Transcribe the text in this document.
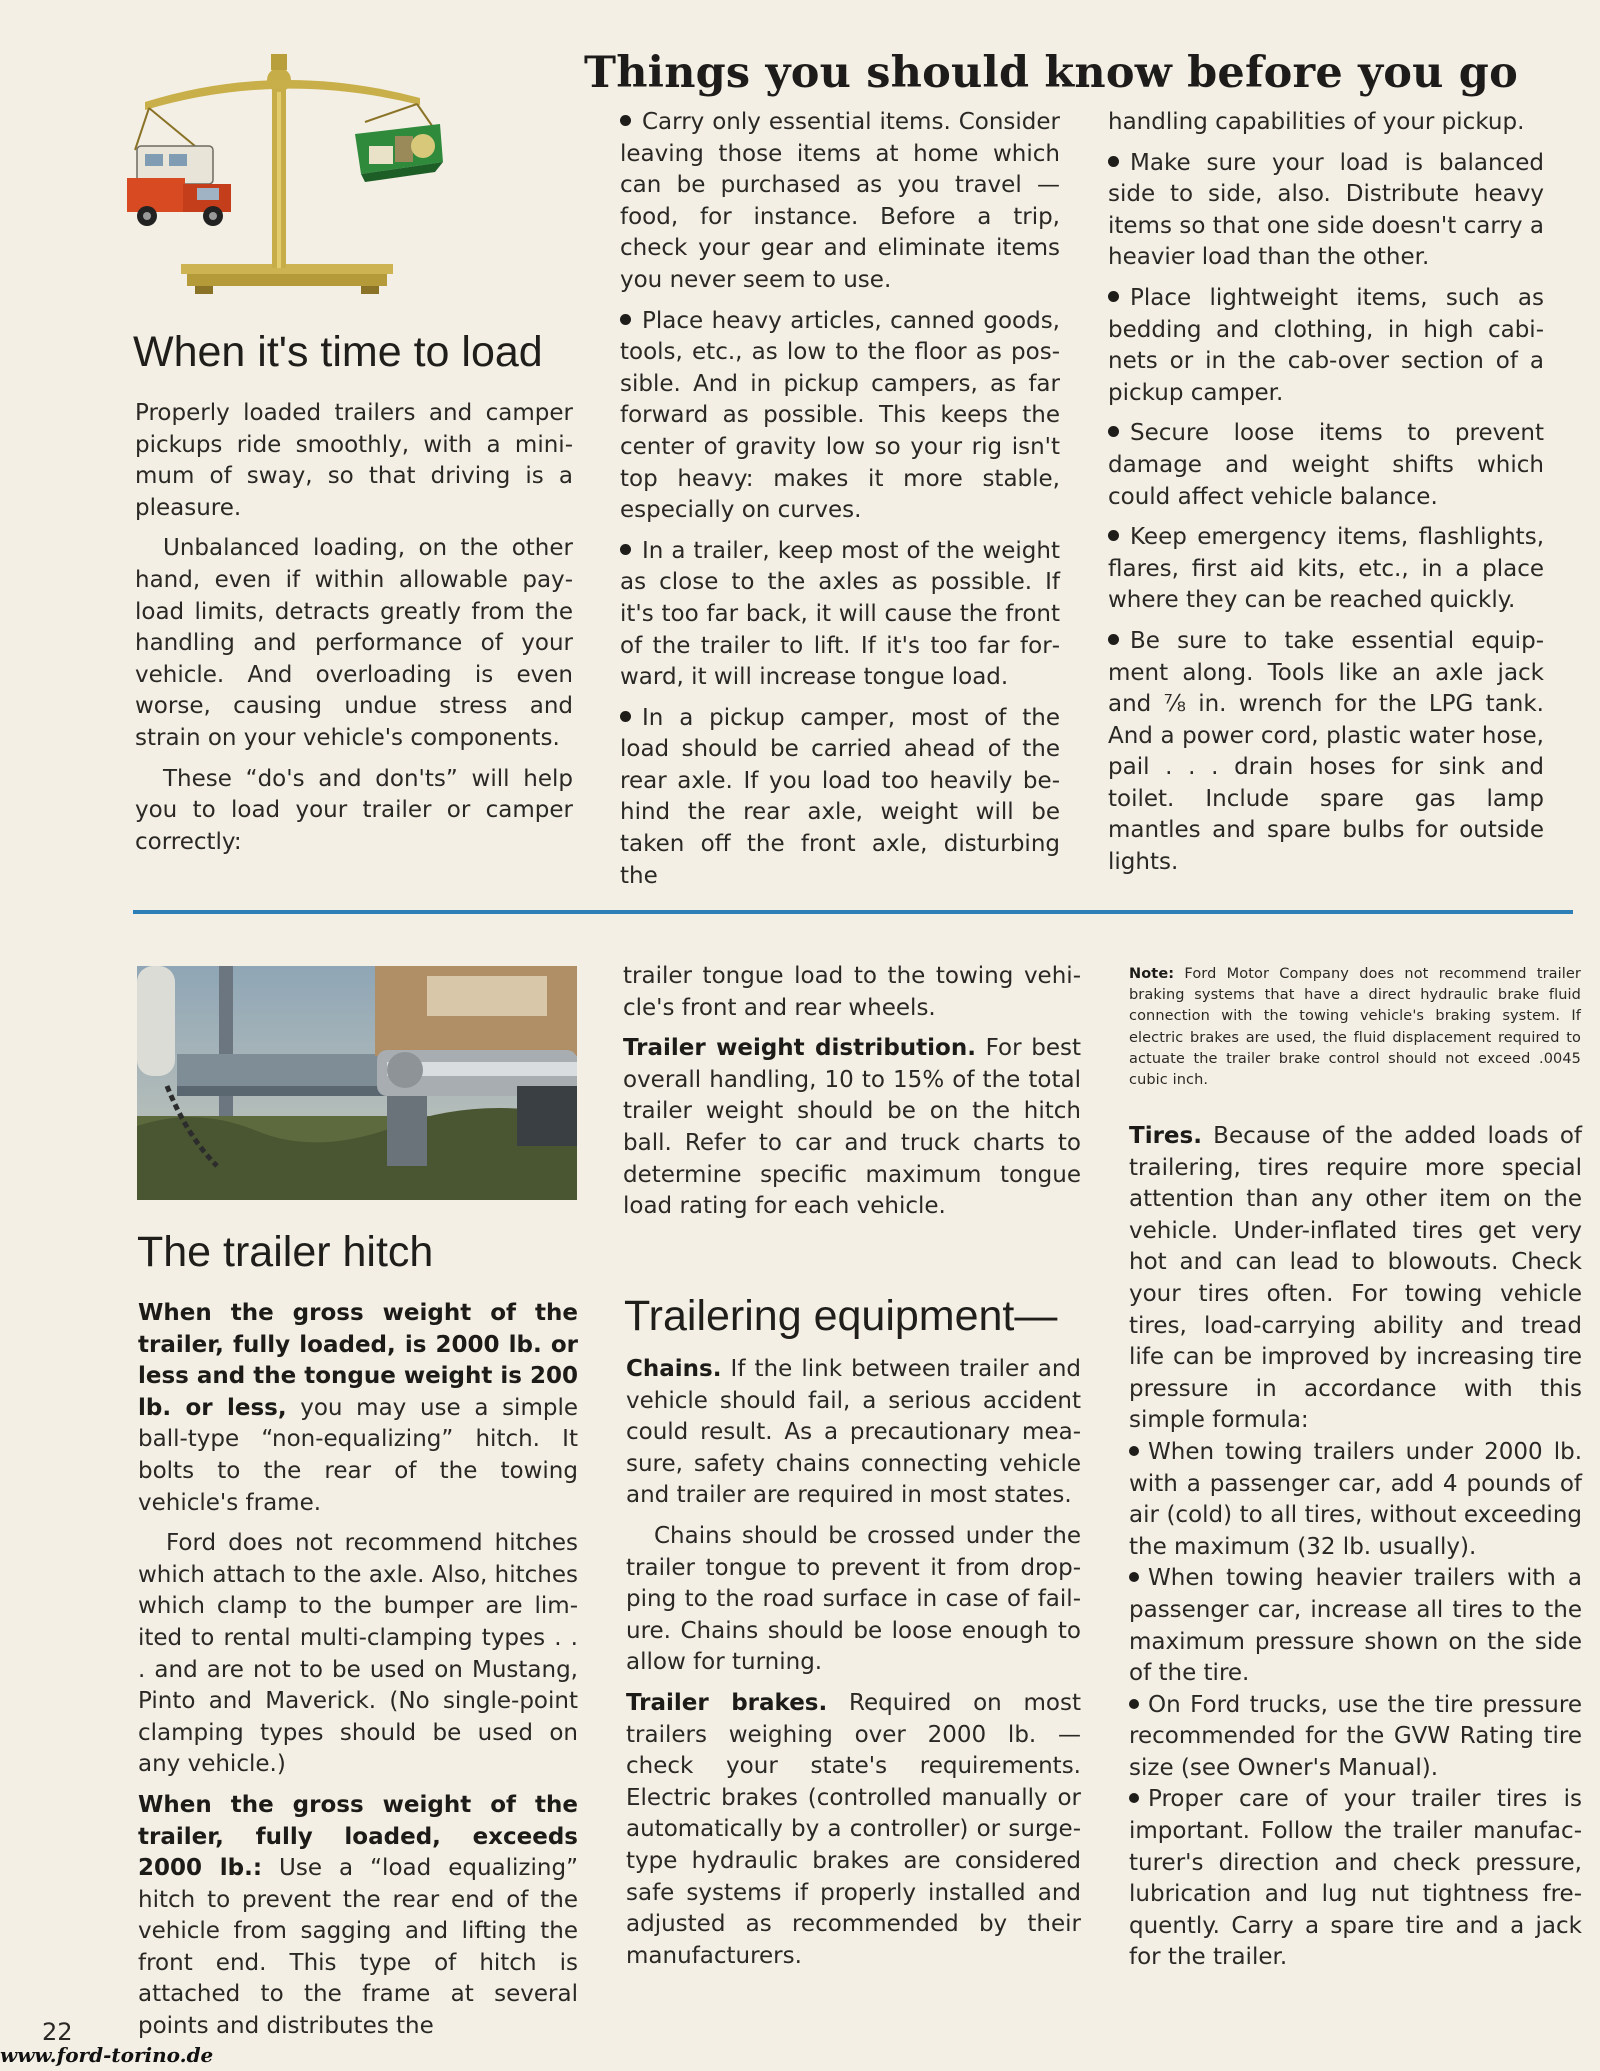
Things you should know before you go
When it's time to load

Properly loaded trailers and camper pickups ride smoothly, with a minimum of sway, so that driving is a pleasure.

Unbalanced loading, on the other hand, even if within allowable payload limits, detracts greatly from the handling and performance of your vehicle. And overloading is even worse, causing undue stress and strain on your vehicle's components.

These “do's and don'ts” will help you to load your trailer or camper correctly:

Carry only essential items. Consider leaving those items at home which can be purchased as you travel —food, for instance. Before a trip, check your gear and eliminate items you never seem to use.

Place heavy articles, canned goods, tools, etc., as low to the floor as possible. And in pickup campers, as far forward as possible. This keeps the center of gravity low so your rig isn't top heavy: makes it more stable, especially on curves.

In a trailer, keep most of the weight as close to the axles as possible. If it's too far back, it will cause the front of the trailer to lift. If it's too far forward, it will increase tongue load.

In a pickup camper, most of the load should be carried ahead of the rear axle. If you load too heavily behind the rear axle, weight will be taken off the front axle, disturbing the

handling capabilities of your pickup.

Make sure your load is balanced side to side, also. Distribute heavy items so that one side doesn't carry a heavier load than the other.

Place lightweight items, such as bedding and clothing, in high cabinets or in the cab-over section of a pickup camper.

Secure loose items to prevent damage and weight shifts which could affect vehicle balance.

Keep emergency items, flashlights, flares, first aid kits, etc., in a place where they can be reached quickly.

Be sure to take essential equipment along. Tools like an axle jack and ⅞ in. wrench for the LPG tank. And a power cord, plastic water hose, pail . . . drain hoses for sink and toilet. Include spare gas lamp mantles and spare bulbs for outside lights.

The trailer hitch

When the gross weight of the trailer, fully loaded, is 2000 lb. or less and the tongue weight is 200 lb. or less, you may use a simple ball-type “non-equalizing” hitch. It bolts to the rear of the towing vehicle's frame.

Ford does not recommend hitches which attach to the axle. Also, hitches which clamp to the bumper are limited to rental multi-clamping types . . . and are not to be used on Mustang, Pinto and Maverick. (No single-point clamping types should be used on any vehicle.)

When the gross weight of the trailer, fully loaded, exceeds 2000 lb.: Use a “load equalizing” hitch to prevent the rear end of the vehicle from sagging and lifting the front end. This type of hitch is attached to the frame at several points and distributes the

trailer tongue load to the towing vehicle's front and rear wheels.

Trailer weight distribution. For best overall handling, 10 to 15% of the total trailer weight should be on the hitch ball. Refer to car and truck charts to determine specific maximum tongue load rating for each vehicle.

Trailering equipment—

Chains. If the link between trailer and vehicle should fail, a serious accident could result. As a precautionary measure, safety chains connecting vehicle and trailer are required in most states.

Chains should be crossed under the trailer tongue to prevent it from dropping to the road surface in case of failure. Chains should be loose enough to allow for turning.

Trailer brakes. Required on most trailers weighing over 2000 lb. — check your state's requirements. Electric brakes (controlled manually or automatically by a controller) or surge-type hydraulic brakes are considered safe systems if properly installed and adjusted as recommended by their manufacturers.

Note: Ford Motor Company does not recommend trailer braking systems that have a direct hydraulic brake fluid connection with the towing vehicle's braking system. If electric brakes are used, the fluid displacement required to actuate the trailer brake control should not exceed .0045 cubic inch.

Tires. Because of the added loads of trailering, tires require more special attention than any other item on the vehicle. Under-inflated tires get very hot and can lead to blowouts. Check your tires often. For towing vehicle tires, load-carrying ability and tread life can be improved by increasing tire pressure in accordance with this simple formula:

When towing trailers under 2000 lb. with a passenger car, add 4 pounds of air (cold) to all tires, without exceeding the maximum (32 lb. usually).

When towing heavier trailers with a passenger car, increase all tires to the maximum pressure shown on the side of the tire.

On Ford trucks, use the tire pressure recommended for the GVW Rating tire size (see Owner's Manual).

Proper care of your trailer tires is important. Follow the trailer manufacturer's direction and check pressure, lubrication and lug nut tightness frequently. Carry a spare tire and a jack for the trailer.

22
www.ford-torino.de
